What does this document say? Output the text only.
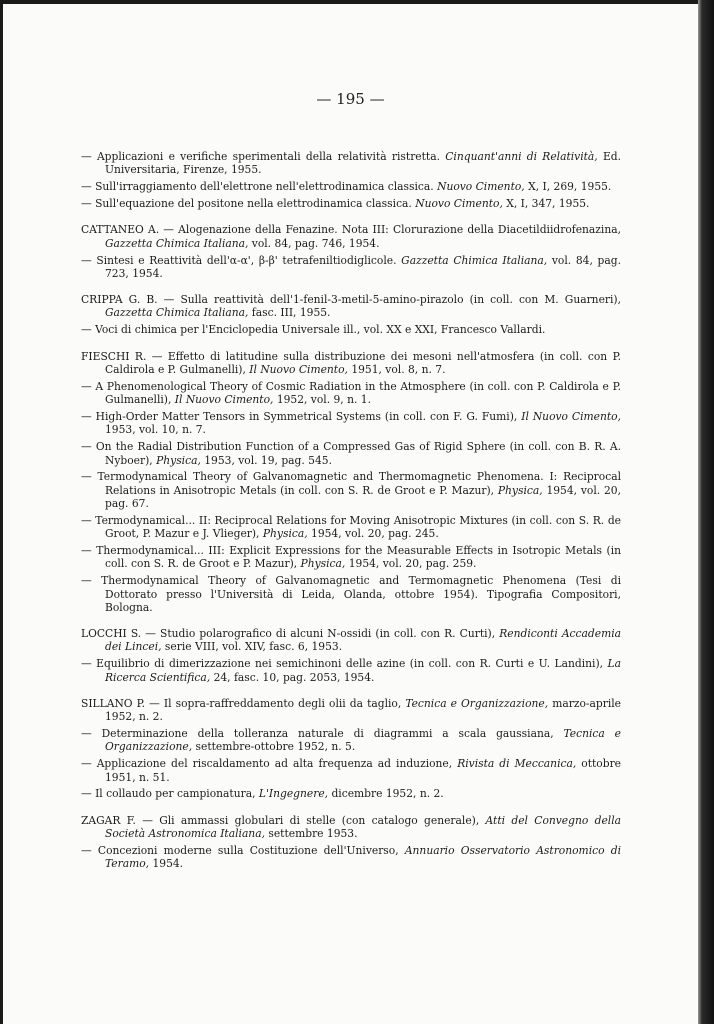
— 195 —
— Applicazioni e verifiche sperimentali della relatività ristretta. Cinquant'anni di Relatività, Ed. Universitaria, Firenze, 1955.
— Sull'irraggiamento dell'elettrone nell'elettrodinamica classica. Nuovo Cimento, X, I, 269, 1955.
— Sull'equazione del positone nella elettrodinamica classica. Nuovo Cimento, X, I, 347, 1955.
CATTANEO A. — Alogenazione della Fenazine. Nota III: Clorurazione della Diacetildiidrofenazina, Gazzetta Chimica Italiana, vol. 84, pag. 746, 1954.
— Sintesi e Reattività dell'α-α', β-β' tetrafeniltiodiglicole. Gazzetta Chimica Italiana, vol. 84, pag. 723, 1954.
CRIPPA G. B. — Sulla reattività dell'1-fenil-3-metil-5-amino-pirazolo (in coll. con M. Guarneri), Gazzetta Chimica Italiana, fasc. III, 1955.
— Voci di chimica per l'Enciclopedia Universale ill., vol. XX e XXI, Francesco Vallardi.
FIESCHI R. — Effetto di latitudine sulla distribuzione dei mesoni nell'atmosfera (in coll. con P. Caldirola e P. Gulmanelli), Il Nuovo Cimento, 1951, vol. 8, n. 7.
— A Phenomenological Theory of Cosmic Radiation in the Atmosphere (in coll. con P. Caldirola e P. Gulmanelli), Il Nuovo Cimento, 1952, vol. 9, n. 1.
— High-Order Matter Tensors in Symmetrical Systems (in coll. con F. G. Fumi), Il Nuovo Cimento, 1953, vol. 10, n. 7.
— On the Radial Distribution Function of a Compressed Gas of Rigid Sphere (in coll. con B. R. A. Nyboer), Physica, 1953, vol. 19, pag. 545.
— Termodynamical Theory of Galvanomagnetic and Thermomagnetic Phenomena. I: Reciprocal Relations in Anisotropic Metals (in coll. con S. R. de Groot e P. Mazur), Physica, 1954, vol. 20, pag. 67.
— Termodynamical... II: Reciprocal Relations for Moving Anisotropic Mixtures (in coll. con S. R. de Groot, P. Mazur e J. Vlieger), Physica, 1954, vol. 20, pag. 245.
— Thermodynamical... III: Explicit Expressions for the Measurable Effects in Isotropic Metals (in coll. con S. R. de Groot e P. Mazur), Physica, 1954, vol. 20, pag. 259.
— Thermodynamical Theory of Galvanomagnetic and Termomagnetic Phenomena (Tesi di Dottorato presso l'Università di Leida, Olanda, ottobre 1954). Tipografia Compositori, Bologna.
LOCCHI S. — Studio polarografico di alcuni N-ossidi (in coll. con R. Curti), Rendiconti Accademia dei Lincei, serie VIII, vol. XIV, fasc. 6, 1953.
— Equilibrio di dimerizzazione nei semichinoni delle azine (in coll. con R. Curti e U. Landini), La Ricerca Scientifica, 24, fasc. 10, pag. 2053, 1954.
SILLANO P. — Il sopra-raffreddamento degli olii da taglio, Tecnica e Organizzazione, marzo-aprile 1952, n. 2.
— Determinazione della tolleranza naturale di diagrammi a scala gaussiana, Tecnica e Organizzazione, settembre-ottobre 1952, n. 5.
— Applicazione del riscaldamento ad alta frequenza ad induzione, Rivista di Meccanica, ottobre 1951, n. 51.
— Il collaudo per campionatura, L'Ingegnere, dicembre 1952, n. 2.
ZAGAR F. — Gli ammassi globulari di stelle (con catalogo generale), Atti del Convegno della Società Astronomica Italiana, settembre 1953.
— Concezioni moderne sulla Costituzione dell'Universo, Annuario Osservatorio Astronomico di Teramo, 1954.
